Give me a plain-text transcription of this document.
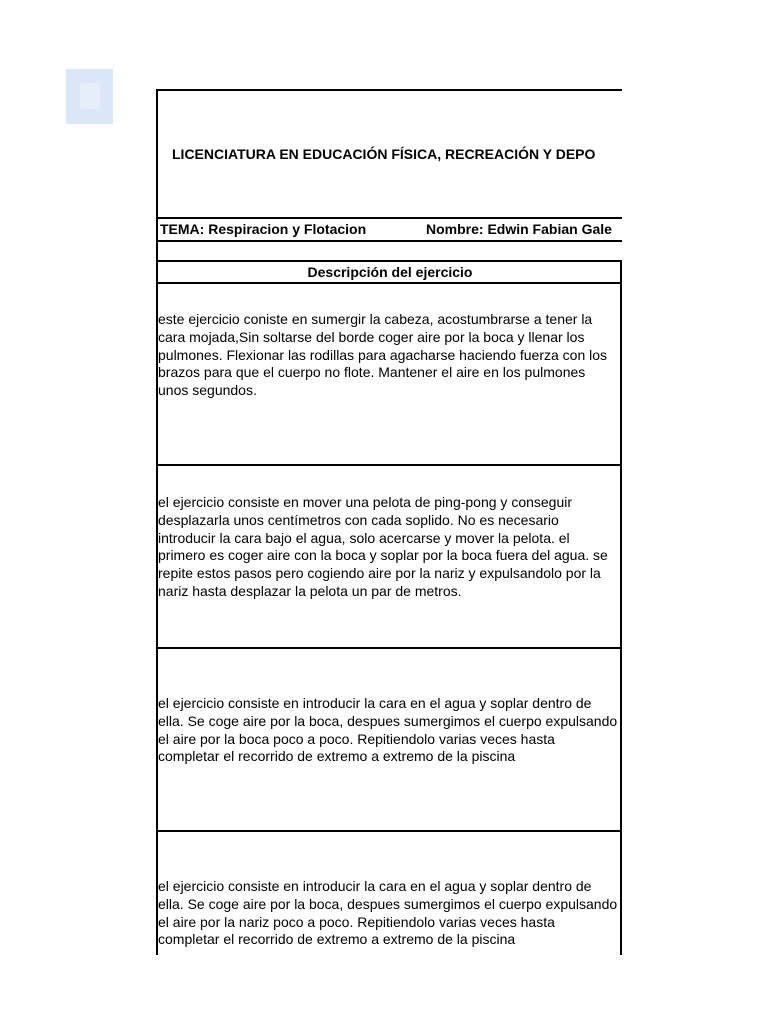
LICENCIATURA EN EDUCACIÓN FÍSICA, RECREACIÓN Y DEPO
TEMA: Respiracion y Flotacion	Nombre: Edwin Fabian Gale
Descripción del ejercicio
este ejercicio coniste en sumergir la cabeza, acostumbrarse a tener la cara mojada,Sin soltarse del borde coger aire por la boca y llenar los pulmones. Flexionar las rodillas para agacharse haciendo fuerza con los brazos para que el cuerpo no flote. Mantener el aire en los pulmones unos segundos.
el ejercicio consiste en mover una pelota de ping-pong y conseguir desplazarla unos centímetros con cada soplido. No es necesario introducir la cara bajo el agua, solo acercarse y mover la pelota. el primero es coger aire con la boca y soplar por la boca fuera del agua. se repite estos pasos pero cogiendo aire por la nariz y expulsandolo por la nariz hasta desplazar la pelota un par de metros.
el ejercicio consiste en introducir la cara en el agua y soplar dentro de ella. Se coge aire por la boca, despues sumergimos el cuerpo expulsando el aire por la boca poco a poco. Repitiendolo varias veces hasta completar el recorrido de extremo a extremo de la piscina
el ejercicio consiste en introducir la cara en el agua y soplar dentro de ella. Se coge aire por la boca, despues sumergimos el cuerpo expulsando el aire por la nariz poco a poco. Repitiendolo varias veces hasta completar el recorrido de extremo a extremo de la piscina
